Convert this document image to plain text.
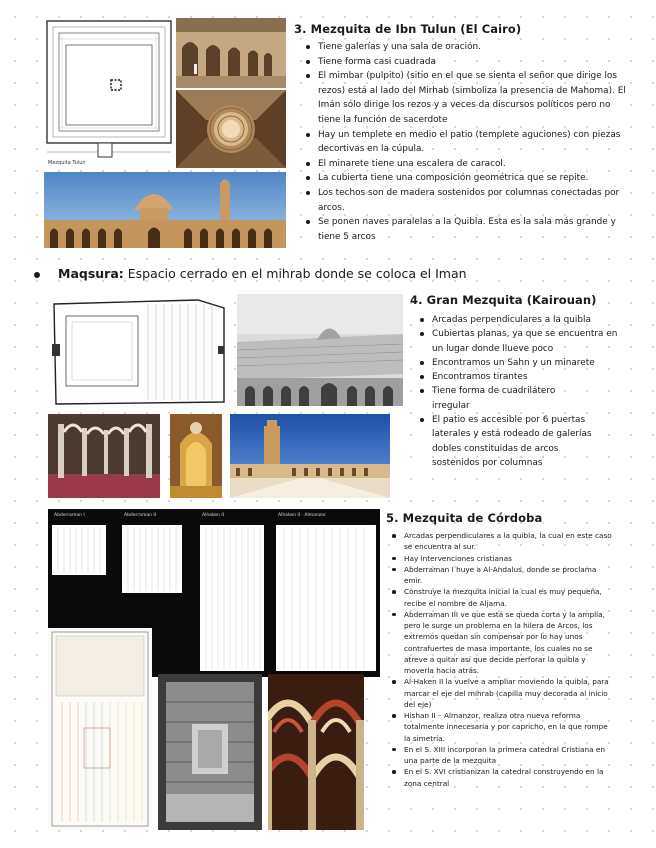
Mezquita Tulun
3. Mezquita de Ibn Tulun (El Cairo)
Tiene galerías y una sala de oración.
Tiene forma casi cuadrada
El mimbar (pulpito) (sitio en el que se sienta el señor que dirige los rezos) está al lado del Mirhab (simboliza la presencia de Mahoma). El Imán sólo dirige los rezos y a veces da discursos políticos pero no tiene la función de sacerdote
Hay un templete en medio el patio (templete aguciones) con piezas decortivas en la cúpula.
El minarete tiene una escalera de caracol.
La cubierta tiene una composición geométrica que se repite.
Los techos son de madera sostenidos por columnas conectadas por arcos.
Se ponen naves paralelas a la Quibla. Esta es la sala más grande y tiene 5 arcos
Maqsura: Espacio cerrado en el mihrab donde se coloca el Iman
4. Gran Mezquita (Kairouan)
Arcadas perpendiculares a la quibla
Cubiertas planas, ya que se encuentra en un lugar donde llueve poco
Encontramos un Sahn y un minarete
Encontramos tirantes
Tiene forma de cuadrilátero irregular
El patio es accesible por 6 puertas laterales y está rodeado de galerías dobles constituidas de arcos sostenidos por columnas
Abderraman I	Abderraman II	Alhaken II	Alhaken II · Almanzor	5. Mezquita de Córdoba
Arcadas perpendiculares a la quibla, la cual en este caso se encuentra al sur.
Hay intervenciones cristianas
Abderraman I huye a Al-Andalus, donde se proclama emir.
Construye la mezquita inicial la cual es muy pequeña, recibe el nombre de Aljama.
Abderraman III ve que está se queda corta y la amplía, pero le surge un problema en la hilera de Arcos, los extremos quedan sin compensar por lo hay unos contrafuertes de masa importante, los cuales no se atreve a quitar así que decide perforar la quibla y moverla hacia atrás.
Al-Haken II la vuelve a ampliar moviendo la quibla, para marcar el eje del mihrab (capilla muy decorada al inicio del eje)
Hishan II – Almanzor, realiza otra nueva reforma totalmente innecesaria y por capricho, en la que rompe la simetría.
En el S. XIII incorporan la primera catedral Cristiana en una parte de la mezquita
En el S. XVI cristianizan la catedral construyendo en la zona central
